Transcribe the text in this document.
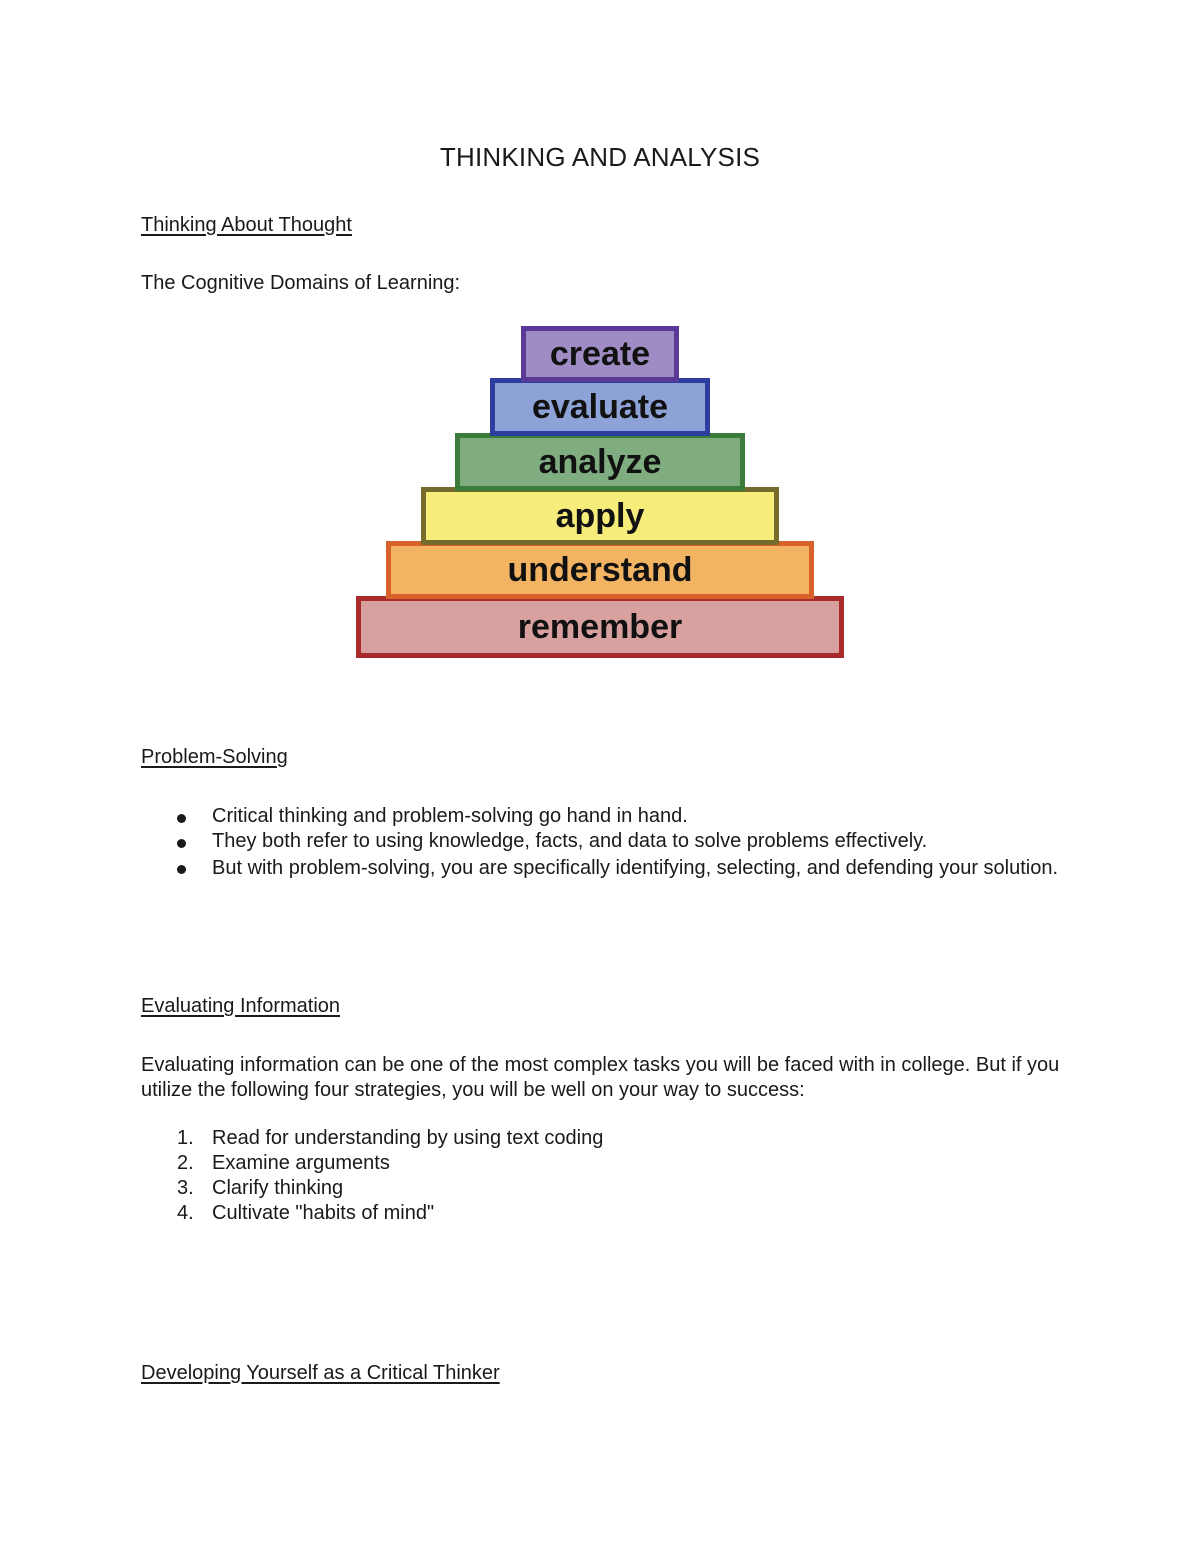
THINKING AND ANALYSIS
Thinking About Thought
The Cognitive Domains of Learning:
create
evaluate
analyze
apply
understand
remember
Problem-Solving
Critical thinking and problem-solving go hand in hand.
They both refer to using knowledge, facts, and data to solve problems effectively.
But with problem-solving, you are specifically identifying, selecting, and defending your solution.
Evaluating Information
Evaluating information can be one of the most complex tasks you will be faced with in college. But if you utilize the following four strategies, you will be well on your way to success:
1. Read for understanding by using text coding
2. Examine arguments
3. Clarify thinking
4. Cultivate "habits of mind"
Developing Yourself as a Critical Thinker
